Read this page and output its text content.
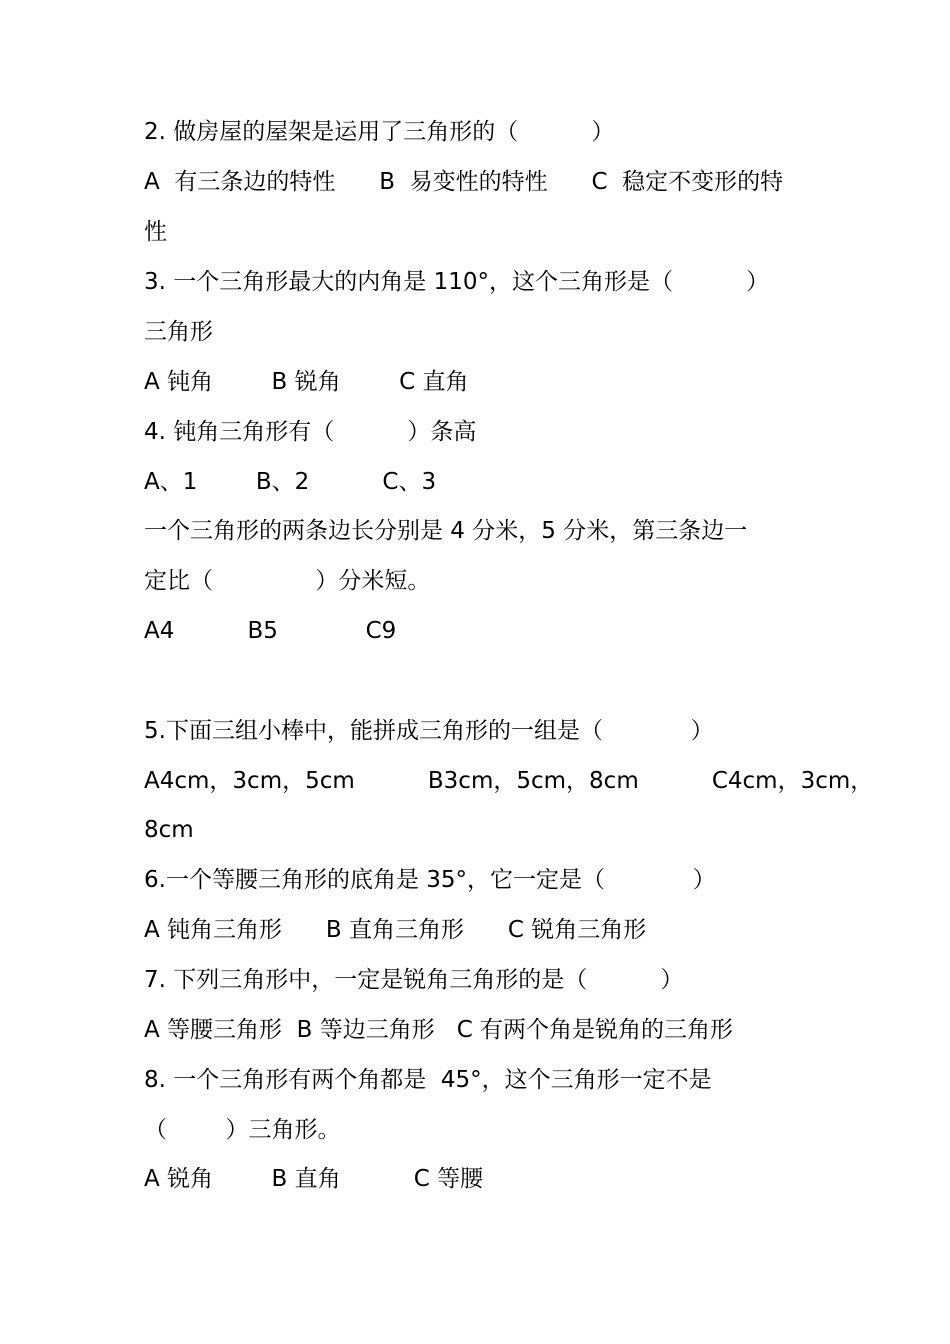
2. 做房屋的屋架是运用了三角形的（          ）
A  有三条边的特性      B  易变性的特性      C  稳定不变形的特
性
3. 一个三角形最大的内角是 110°，这个三角形是（          ）
三角形
A 钝角        B 锐角        C 直角
4. 钝角三角形有（          ）条高
A、1        B、2          C、3
一个三角形的两条边长分别是 4 分米，5 分米，第三条边一
定比（              ）分米短。
A4          B5            C9
5.下面三组小棒中，能拼成三角形的一组是（            ）
A4cm，3cm，5cm          B3cm，5cm，8cm          C4cm，3cm，
8cm
6.一个等腰三角形的底角是 35°，它一定是（            ）
A 钝角三角形      B 直角三角形      C 锐角三角形
7. 下列三角形中，一定是锐角三角形的是（          ）
A 等腰三角形  B 等边三角形   C 有两个角是锐角的三角形
8. 一个三角形有两个角都是  45°，这个三角形一定不是
（        ）三角形。
A 锐角        B 直角          C 等腰
